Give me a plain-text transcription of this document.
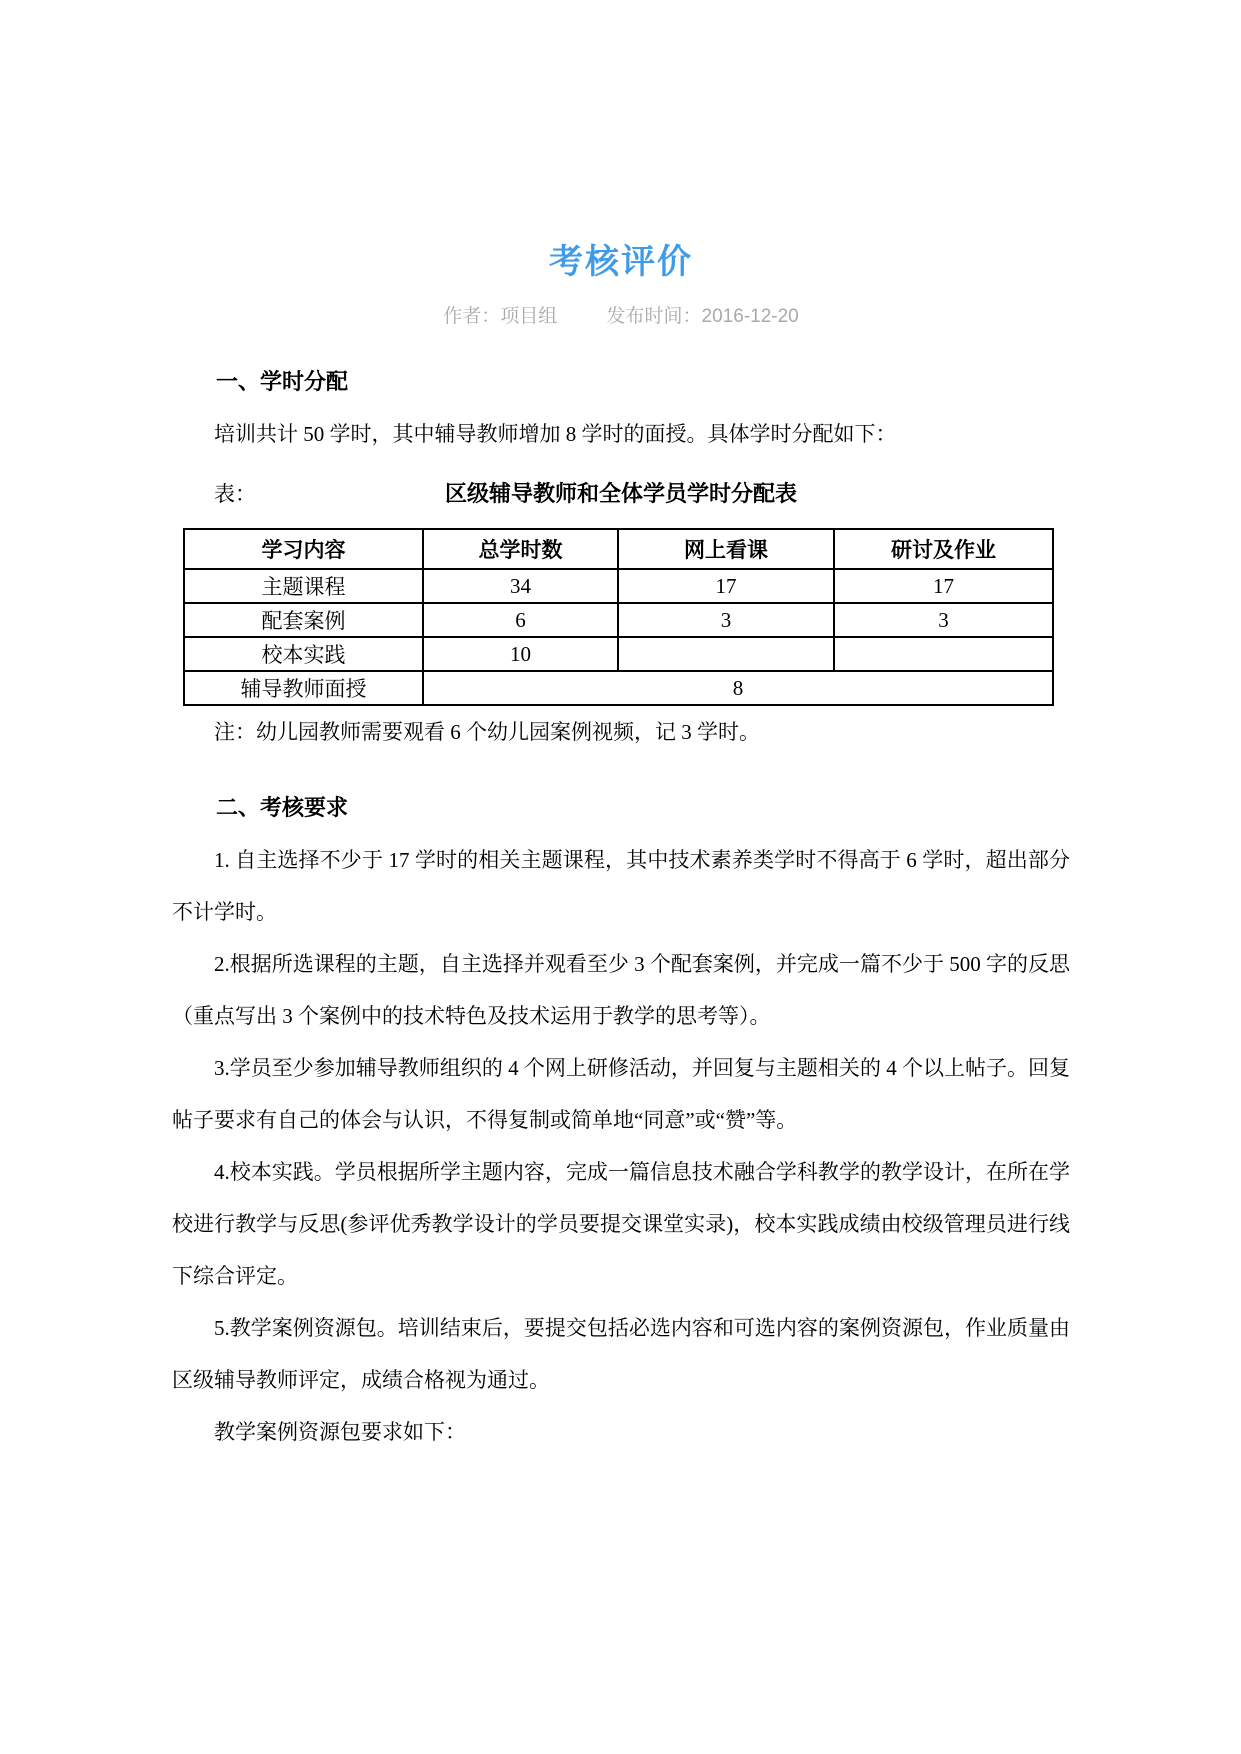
考核评价
作者：项目组	发布时间：2016-12-20
一、学时分配

培训共计 50 学时，其中辅导教师增加 8 学时的面授。具体学时分配如下：

表：	区级辅导教师和全体学员学时分配表
学习内容	总学时数	网上看课	研讨及作业
主题课程	34	17	17
配套案例	6	3	3
校本实践	10		
辅导教师面授	8		

注：幼儿园教师需要观看 6 个幼儿园案例视频，记 3 学时。

二、考核要求

1. 自主选择不少于 17 学时的相关主题课程，其中技术素养类学时不得高于 6 学时，超出部分不计学时。

2.根据所选课程的主题，自主选择并观看至少 3 个配套案例，并完成一篇不少于 500 字的反思（重点写出 3 个案例中的技术特色及技术运用于教学的思考等）。

3.学员至少参加辅导教师组织的 4 个网上研修活动，并回复与主题相关的 4 个以上帖子。回复帖子要求有自己的体会与认识，不得复制或简单地“同意”或“赞”等。

4.校本实践。学员根据所学主题内容，完成一篇信息技术融合学科教学的教学设计，在所在学校进行教学与反思(参评优秀教学设计的学员要提交课堂实录)，校本实践成绩由校级管理员进行线下综合评定。

5.教学案例资源包。培训结束后，要提交包括必选内容和可选内容的案例资源包，作业质量由区级辅导教师评定，成绩合格视为通过。

教学案例资源包要求如下：
